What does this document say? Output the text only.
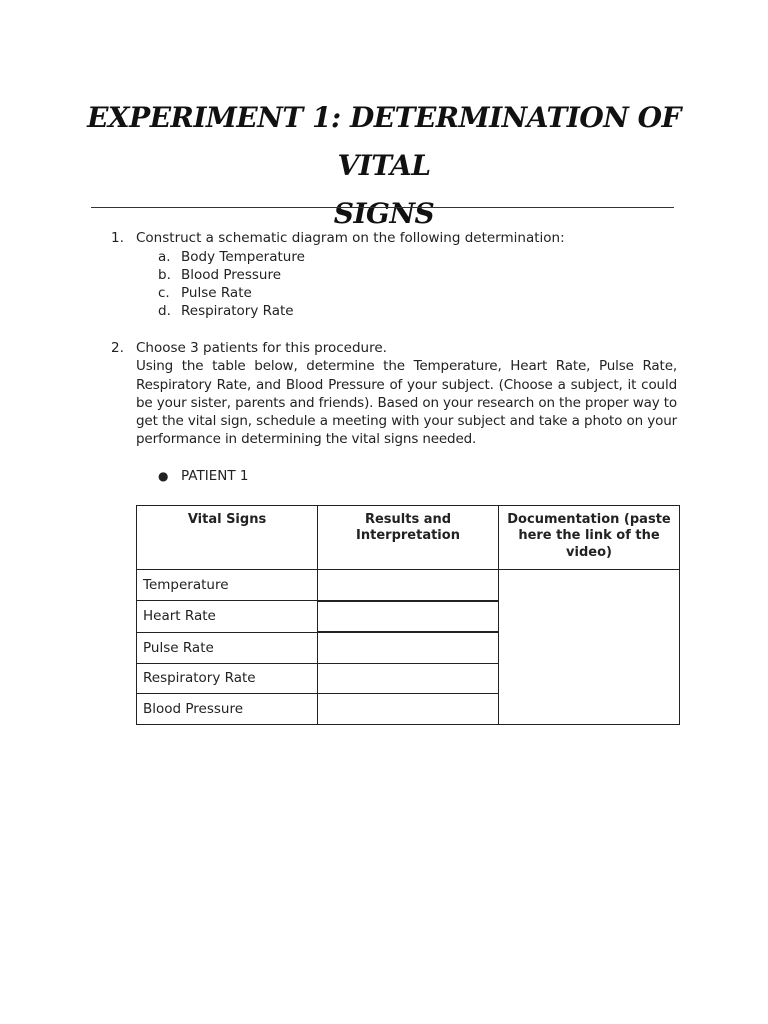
EXPERIMENT 1: DETERMINATION OF VITAL
SIGNS
1. Construct a schematic diagram on the following determination:
a. Body Temperature
b. Blood Pressure
c. Pulse Rate
d. Respiratory Rate
2. Choose 3 patients for this procedure.
Using the table below, determine the Temperature, Heart Rate, Pulse Rate, Respiratory Rate, and Blood Pressure of your subject. (Choose a subject, it could be your sister, parents and friends). Based on your research on the proper way to get the vital sign, schedule a meeting with your subject and take a photo on your performance in determining the vital signs needed.
● PATIENT 1
Vital Signs	Results and Interpretation	Documentation (paste here the link of the video)
Temperature		
Heart Rate		
Pulse Rate		
Respiratory Rate		
Blood Pressure		
